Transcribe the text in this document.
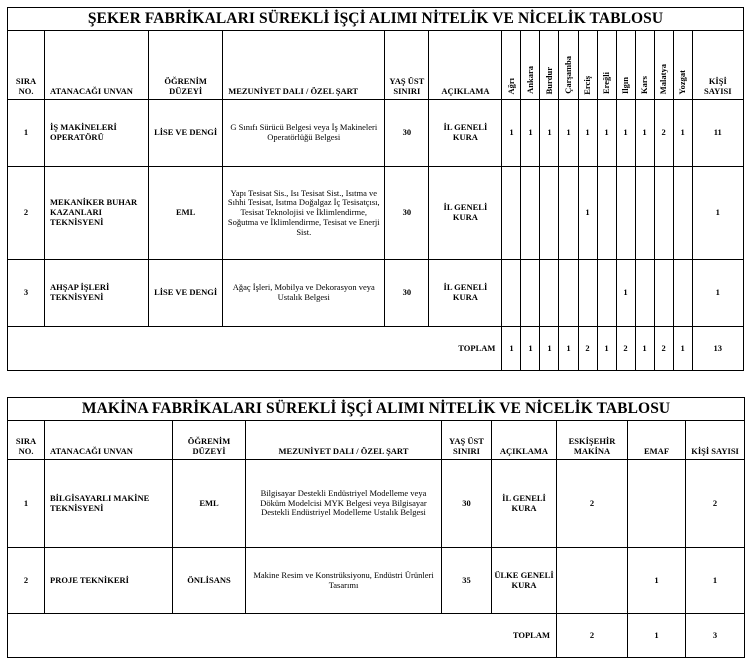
ŞEKER FABRİKALARI SÜREKLİ İŞÇİ ALIMI NİTELİK VE NİCELİK TABLOSU																
SIRA NO.	ATANACAĞI UNVAN	ÖĞRENİM DÜZEYİ	MEZUNİYET DALI / ÖZEL ŞART	YAŞ ÜST SINIRI	AÇIKLAMA	Ağrı	Ankara	Burdur	Çarşamba	Erciş	Ereğli	Ilgın	Kars	Malatya	Yozgat	KİŞİ SAYISI
1	İŞ MAKİNELERİ OPERATÖRÜ	LİSE VE DENGİ	G Sınıfı Sürücü Belgesi veya İş Makineleri Operatörlüğü Belgesi	30	İL GENELİ KURA	1	1	1	1	1	1	1	1	2	1	11
2	MEKANİKER BUHAR KAZANLARI TEKNİSYENİ	EML	Yapı Tesisat Sis., Isı Tesisat Sist., Isıtma ve Sıhhi Tesisat, Isıtma Doğalgaz İç Tesisatçısı, Tesisat Teknolojisi ve İklimlendirme, Soğutma ve İklimlendirme, Tesisat ve Enerji Sist.	30	İL GENELİ KURA					1						1
3	AHŞAP İŞLERİ TEKNİSYENİ	LİSE VE DENGİ	Ağaç İşleri, Mobilya ve Dekorasyon veya Ustalık Belgesi	30	İL GENELİ KURA							1				1
TOPLAM						1	1	1	1	2	1	2	1	2	1	13
MAKİNA FABRİKALARI SÜREKLİ İŞÇİ ALIMI NİTELİK VE NİCELİK TABLOSU								
SIRA NO.	ATANACAĞI UNVAN	ÖĞRENİM DÜZEYİ	MEZUNİYET DALI / ÖZEL ŞART	YAŞ ÜST SINIRI	AÇIKLAMA	ESKİŞEHİR MAKİNA	EMAF	KİŞİ SAYISI
1	BİLGİSAYARLI MAKİNE TEKNİSYENİ	EML	Bilgisayar Destekli Endüstriyel Modelleme veya Döküm Modelcisi MYK Belgesi veya Bilgisayar Destekli Endüstriyel Modelleme Ustalık Belgesi	30	İL GENELİ KURA	2		2
2	PROJE TEKNİKERİ	ÖNLİSANS	Makine Resim ve Konstrüksiyonu, Endüstri Ürünleri Tasarımı	35	ÜLKE GENELİ KURA		1	1
TOPLAM						2	1	3
